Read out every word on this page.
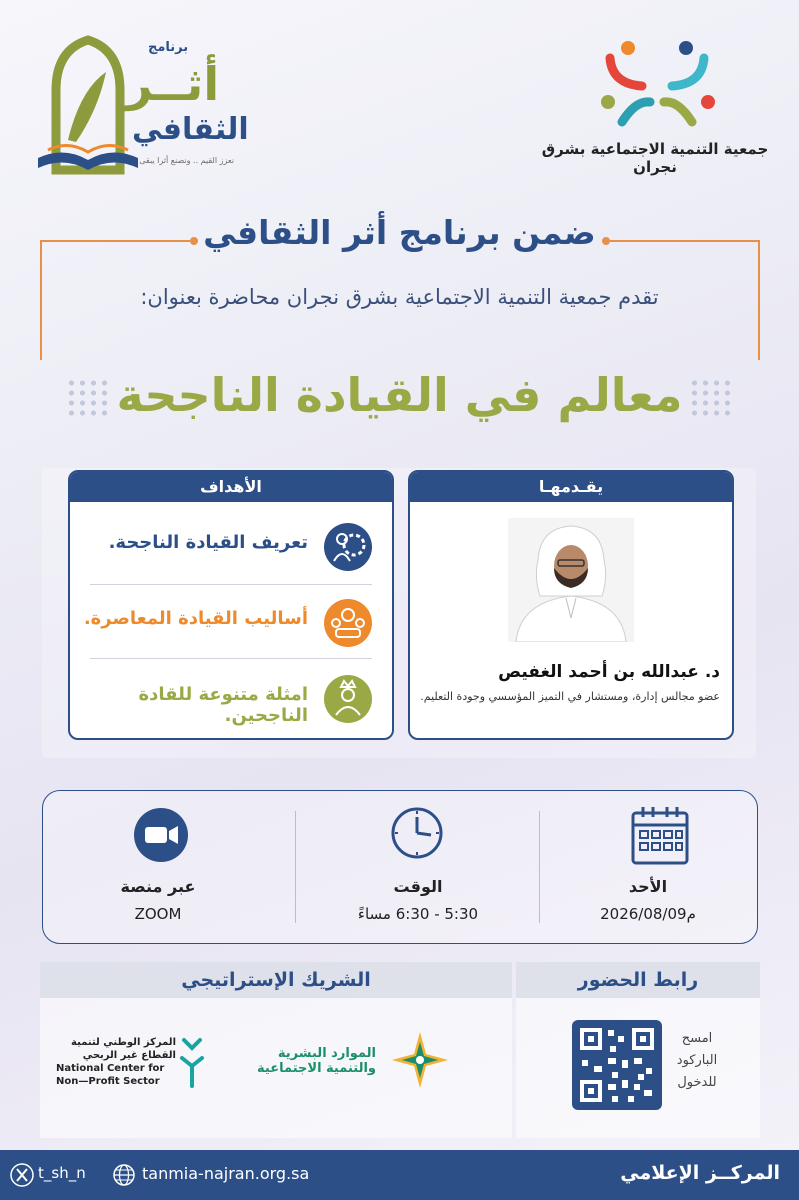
برنامج
أثــر
الثقافي
نعزز القيم .. ونصنع أثرا يبقى
جمعية التنمية الاجتماعية بشرق نجران
ضمن برنامج أثر الثقافي
تقدم جمعية التنمية الاجتماعية بشرق نجران محاضرة بعنوان:
معالم في القيادة الناجحة
الأهداف
تعريف القيادة الناجحة.
أساليب القيادة المعاصرة.
امثلة متنوعة للقادة الناجحين.
يقـدمهـا
د. عبدالله بن أحمد الغفيص
عضو مجالس إدارة، ومستشار في التميز المؤسسي وجودة التعليم.
الأحد
2026/08/09م
الوقت
5:30 - 6:30 مساءً
عبر منصة
ZOOM
الشريك الإستراتيجي	رابط الحضور
المركز الوطني لتنمية
القطاع غير الربحي
National Center for
Non—Profit Sector
الموارد البشرية
والتنمية الاجتماعية
امسح
الباركود
للدخول
t_sh_n	tanmia-najran.org.sa	المركــز الإعلامي
